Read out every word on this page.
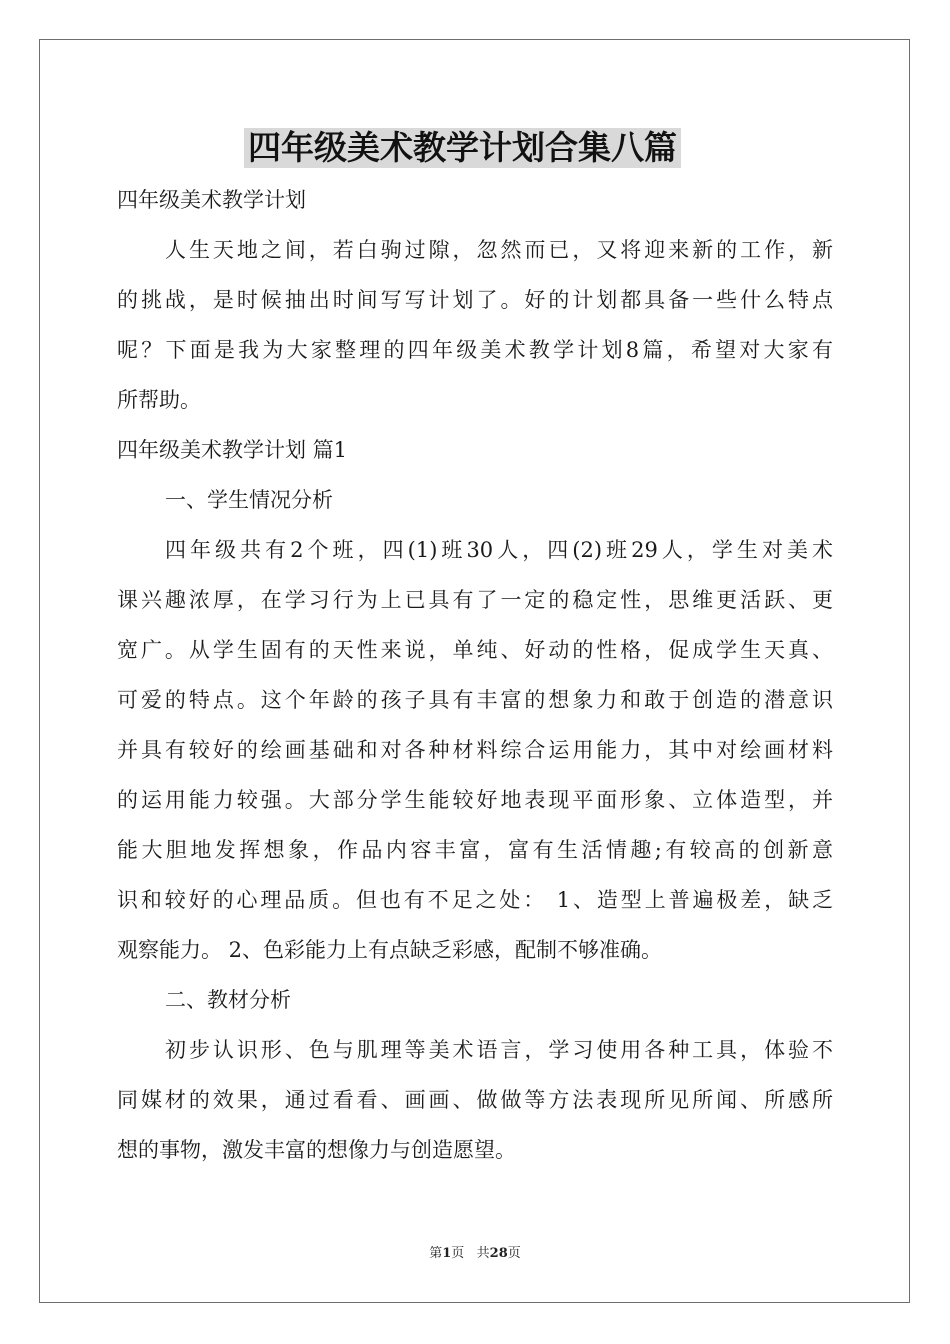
四年级美术教学计划合集八篇
四年级美术教学计划
人生天地之间，若白驹过隙，忽然而已，又将迎来新的工作，新
的挑战，是时候抽出时间写写计划了。好的计划都具备一些什么特点
呢？下面是我为大家整理的四年级美术教学计划8篇，希望对大家有
所帮助。
四年级美术教学计划 篇1
一、学生情况分析
四年级共有2个班，四(1)班30人，四(2)班29人，学生对美术
课兴趣浓厚，在学习行为上已具有了一定的稳定性，思维更活跃、更
宽广。从学生固有的天性来说，单纯、好动的性格，促成学生天真、
可爱的特点。这个年龄的孩子具有丰富的想象力和敢于创造的潜意识
并具有较好的绘画基础和对各种材料综合运用能力，其中对绘画材料
的运用能力较强。大部分学生能较好地表现平面形象、立体造型，并
能大胆地发挥想象，作品内容丰富，富有生活情趣;有较高的创新意
识和较好的心理品质。但也有不足之处： 1、造型上普遍极差，缺乏
观察能力。 2、色彩能力上有点缺乏彩感，配制不够准确。
二、教材分析
初步认识形、色与肌理等美术语言，学习使用各种工具，体验不
同媒材的效果，通过看看、画画、做做等方法表现所见所闻、所感所
想的事物，激发丰富的想像力与创造愿望。
第1页   共28页
